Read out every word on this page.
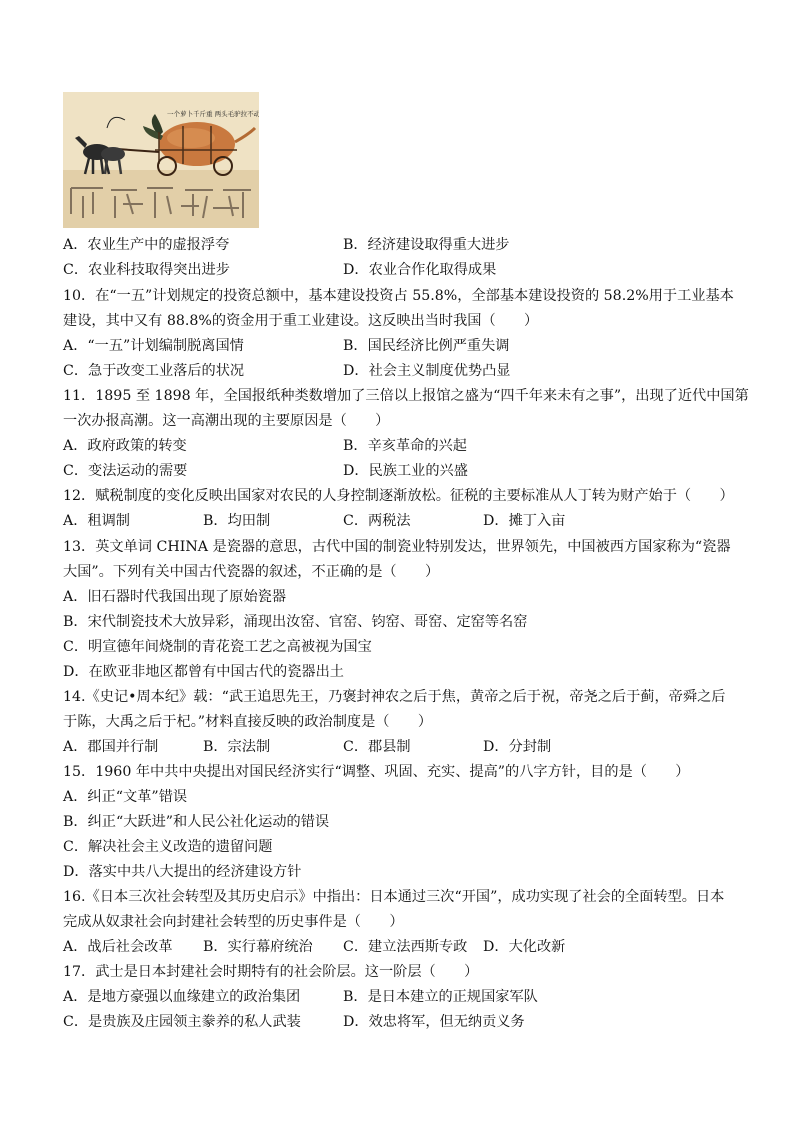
一个萝卜千斤重 两头毛驴拉不动
A．农业生产中的虚报浮夸	B．经济建设取得重大进步
C．农业科技取得突出进步	D．农业合作化取得成果
10．在“一五”计划规定的投资总额中，基本建设投资占 55.8%，全部基本建设投资的 58.2%用于工业基本
建设，其中又有 88.8%的资金用于重工业建设。这反映出当时我国（　　）
A．“一五”计划编制脱离国情	B．国民经济比例严重失调
C．急于改变工业落后的状况	D．社会主义制度优势凸显
11．1895 至 1898 年，全国报纸种类数增加了三倍以上报馆之盛为“四千年来未有之事”，出现了近代中国第
一次办报高潮。这一高潮出现的主要原因是（　　）
A．政府政策的转变	B．辛亥革命的兴起
C．变法运动的需要	D．民族工业的兴盛
12．赋税制度的变化反映出国家对农民的人身控制逐渐放松。征税的主要标准从人丁转为财产始于（　　）
A．租调制	B．均田制	C．两税法	D．摊丁入亩
13．英文单词 CHINA 是瓷器的意思，古代中国的制瓷业特别发达，世界领先，中国被西方国家称为“瓷器
大国”。下列有关中国古代瓷器的叙述，不正确的是（　　）
A．旧石器时代我国出现了原始瓷器
B．宋代制瓷技术大放异彩，涌现出汝窑、官窑、钧窑、哥窑、定窑等名窑
C．明宣德年间烧制的青花瓷工艺之高被视为国宝
D．在欧亚非地区都曾有中国古代的瓷器出土
14.《史记•周本纪》载：“武王追思先王，乃褒封神农之后于焦，黄帝之后于祝，帝尧之后于蓟，帝舜之后
于陈，大禹之后于杞。”材料直接反映的政治制度是（　　）
A．郡国并行制	B．宗法制	C．郡县制	D．分封制
15．1960 年中共中央提出对国民经济实行“调整、巩固、充实、提高”的八字方针，目的是（　　）
A．纠正“文革”错误
B．纠正“大跃进”和人民公社化运动的错误
C．解决社会主义改造的遗留问题
D．落实中共八大提出的经济建设方针
16.《日本三次社会转型及其历史启示》中指出：日本通过三次“开国”，成功实现了社会的全面转型。日本
完成从奴隶社会向封建社会转型的历史事件是（　　）
A．战后社会改革 B．实行幕府统治 C．建立法西斯专政 D．大化改新
17．武士是日本封建社会时期特有的社会阶层。这一阶层（　　）
A．是地方豪强以血缘建立的政治集团	B．是日本建立的正规国家军队
C．是贵族及庄园领主豢养的私人武装	D．效忠将军，但无纳贡义务
